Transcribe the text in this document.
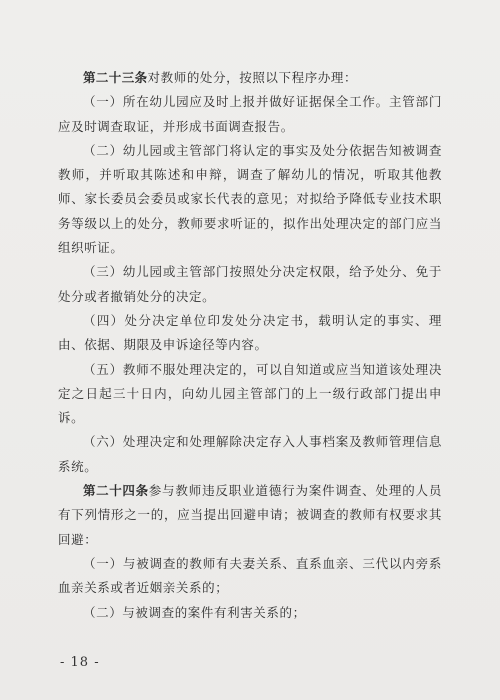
第二十三条对教师的处分，按照以下程序办理：

（一）所在幼儿园应及时上报并做好证据保全工作。主管部门应及时调查取证，并形成书面调查报告。

（二）幼儿园或主管部门将认定的事实及处分依据告知被调查教师，并听取其陈述和申辩，调查了解幼儿的情况，听取其他教师、家长委员会委员或家长代表的意见；对拟给予降低专业技术职务等级以上的处分，教师要求听证的，拟作出处理决定的部门应当组织听证。

（三）幼儿园或主管部门按照处分决定权限，给予处分、免于处分或者撤销处分的决定。

（四）处分决定单位印发处分决定书，载明认定的事实、理由、依据、期限及申诉途径等内容。

（五）教师不服处理决定的，可以自知道或应当知道该处理决定之日起三十日内，向幼儿园主管部门的上一级行政部门提出申诉。

（六）处理决定和处理解除决定存入人事档案及教师管理信息系统。

第二十四条参与教师违反职业道德行为案件调查、处理的人员有下列情形之一的，应当提出回避申请；被调查的教师有权要求其回避：

（一）与被调查的教师有夫妻关系、直系血亲、三代以内旁系血亲关系或者近姻亲关系的；

（二）与被调查的案件有利害关系的；

- 18 -
